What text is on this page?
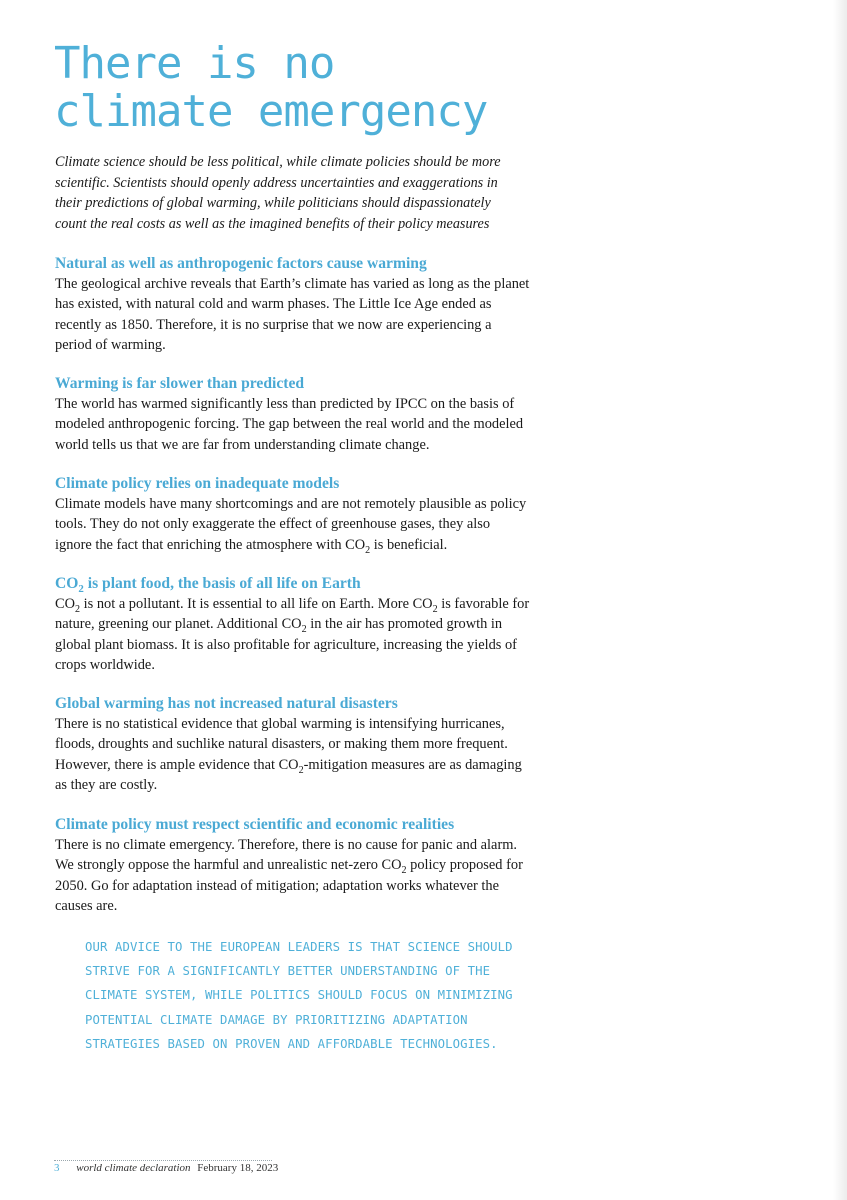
There is no
climate emergency

Climate science should be less political, while climate policies should be more scientific. Scientists should openly address uncertainties and exaggerations in their predictions of global warming, while politicians should dispassionately count the real costs as well as the imagined benefits of their policy measures

Natural as well as anthropogenic factors cause warming

The geological archive reveals that Earth’s climate has varied as long as the planet has existed, with natural cold and warm phases. The Little Ice Age ended as recently as 1850. Therefore, it is no surprise that we now are experiencing a period of warming.

Warming is far slower than predicted

The world has warmed significantly less than predicted by IPCC on the basis of modeled anthropogenic forcing. The gap between the real world and the modeled world tells us that we are far from understanding climate change.

Climate policy relies on inadequate models

Climate models have many shortcomings and are not remotely plausible as policy tools. They do not only exaggerate the effect of greenhouse gases, they also ignore the fact that enriching the atmosphere with $CO_2$ is beneficial.

$CO_2$ is plant food, the basis of all life on Earth

$CO_2$ is not a pollutant. It is essential to all life on Earth. More $CO_2$ is favorable for nature, greening our planet. Additional $CO_2$ in the air has promoted growth in global plant biomass. It is also profitable for agriculture, increasing the yields of crops worldwide.

Global warming has not increased natural disasters

There is no statistical evidence that global warming is intensifying hurricanes, floods, droughts and suchlike natural disasters, or making them more frequent. However, there is ample evidence that $CO_2$-mitigation measures are as damaging as they are costly.

Climate policy must respect scientific and economic realities

There is no climate emergency. Therefore, there is no cause for panic and alarm. We strongly oppose the harmful and unrealistic net-zero $CO_2$ policy proposed for 2050. Go for adaptation instead of mitigation; adaptation works whatever the causes are.

OUR ADVICE TO THE EUROPEAN LEADERS IS THAT SCIENCE SHOULD STRIVE FOR A SIGNIFICANTLY BETTER UNDERSTANDING OF THE CLIMATE SYSTEM, WHILE POLITICS SHOULD FOCUS ON MINIMIZING POTENTIAL CLIMATE DAMAGE BY PRIORITIZING ADAPTATION STRATEGIES BASED ON PROVEN AND AFFORDABLE TECHNOLOGIES.

3 world climate declaration February 18, 2023
